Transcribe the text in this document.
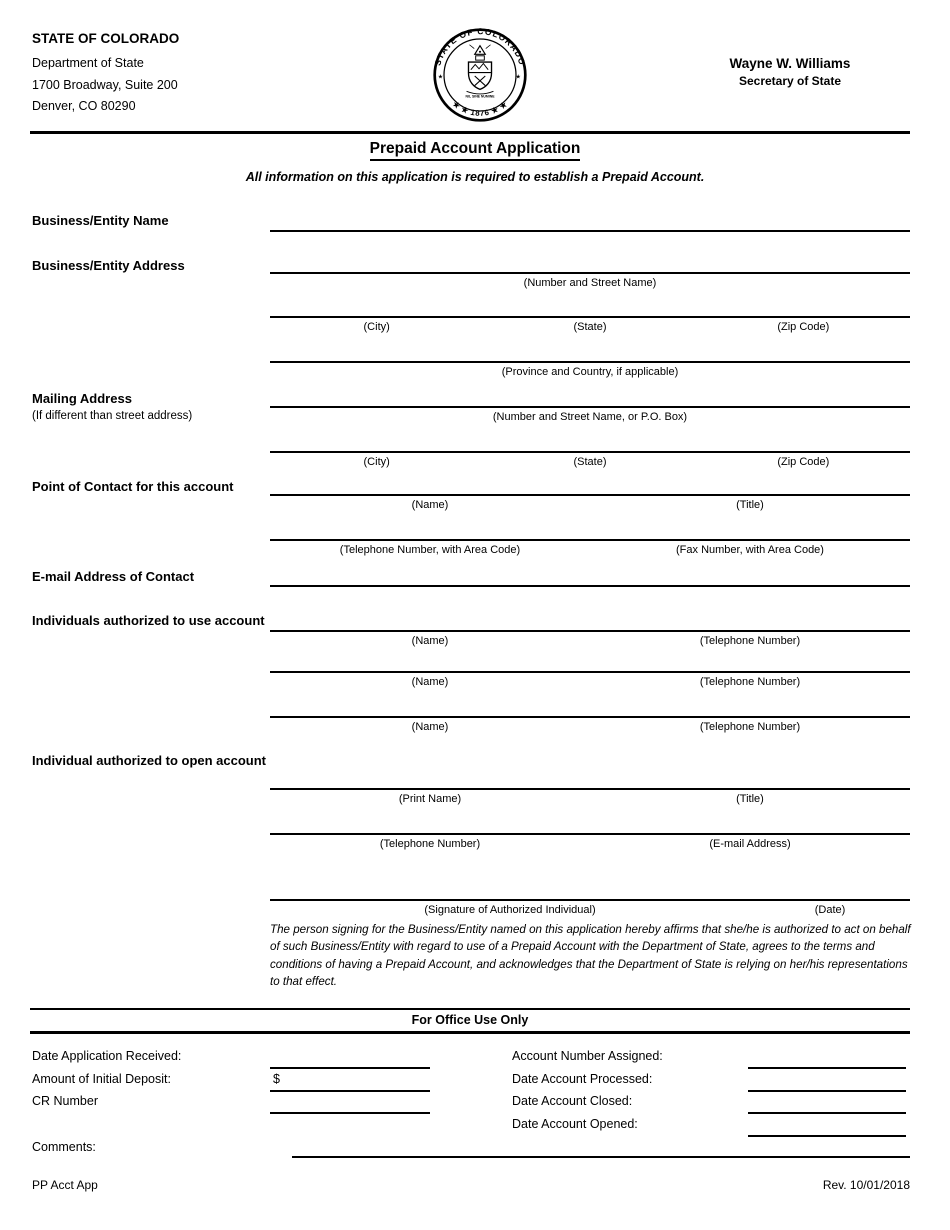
STATE OF COLORADO
Department of State
1700 Broadway, Suite 200
Denver, CO 80290
STATE OF COLORADO
★ ★ 1876 ★ ★
★	★
NIL SINE NUMINE
Wayne W. Williams
Secretary of State
Prepaid Account Application
All information on this application is required to establish a Prepaid Account.
Business/Entity Name
Business/Entity Address
(Number and Street Name)
(City)	(State)	(Zip Code)
(Province and Country, if applicable)
Mailing Address
(If different than street address)	(Number and Street Name, or P.O. Box)
(City)	(State)	(Zip Code)
Point of Contact for this account
(Name)	(Title)
(Telephone Number, with Area Code)	(Fax Number, with Area Code)
E-mail Address of Contact
Individuals authorized to use account
(Name)	(Telephone Number)
(Name)	(Telephone Number)
(Name)	(Telephone Number)
Individual authorized to open account
(Print Name)	(Title)
(Telephone Number)	(E-mail Address)
(Signature of Authorized Individual)	(Date)
The person signing for the Business/Entity named on this application hereby affirms that she/he is authorized to act on behalf of such Business/Entity with regard to use of a Prepaid Account with the Department of State, agrees to the terms and conditions of having a Prepaid Account, and acknowledges that the Department of State is relying on her/his representations to that effect.
For Office Use Only
Date Application Received:
Amount of Initial Deposit:	$
CR Number
Account Number Assigned:
Date Account Processed:
Date Account Closed:
Date Account Opened:
Comments:
PP Acct App	Rev. 10/01/2018
